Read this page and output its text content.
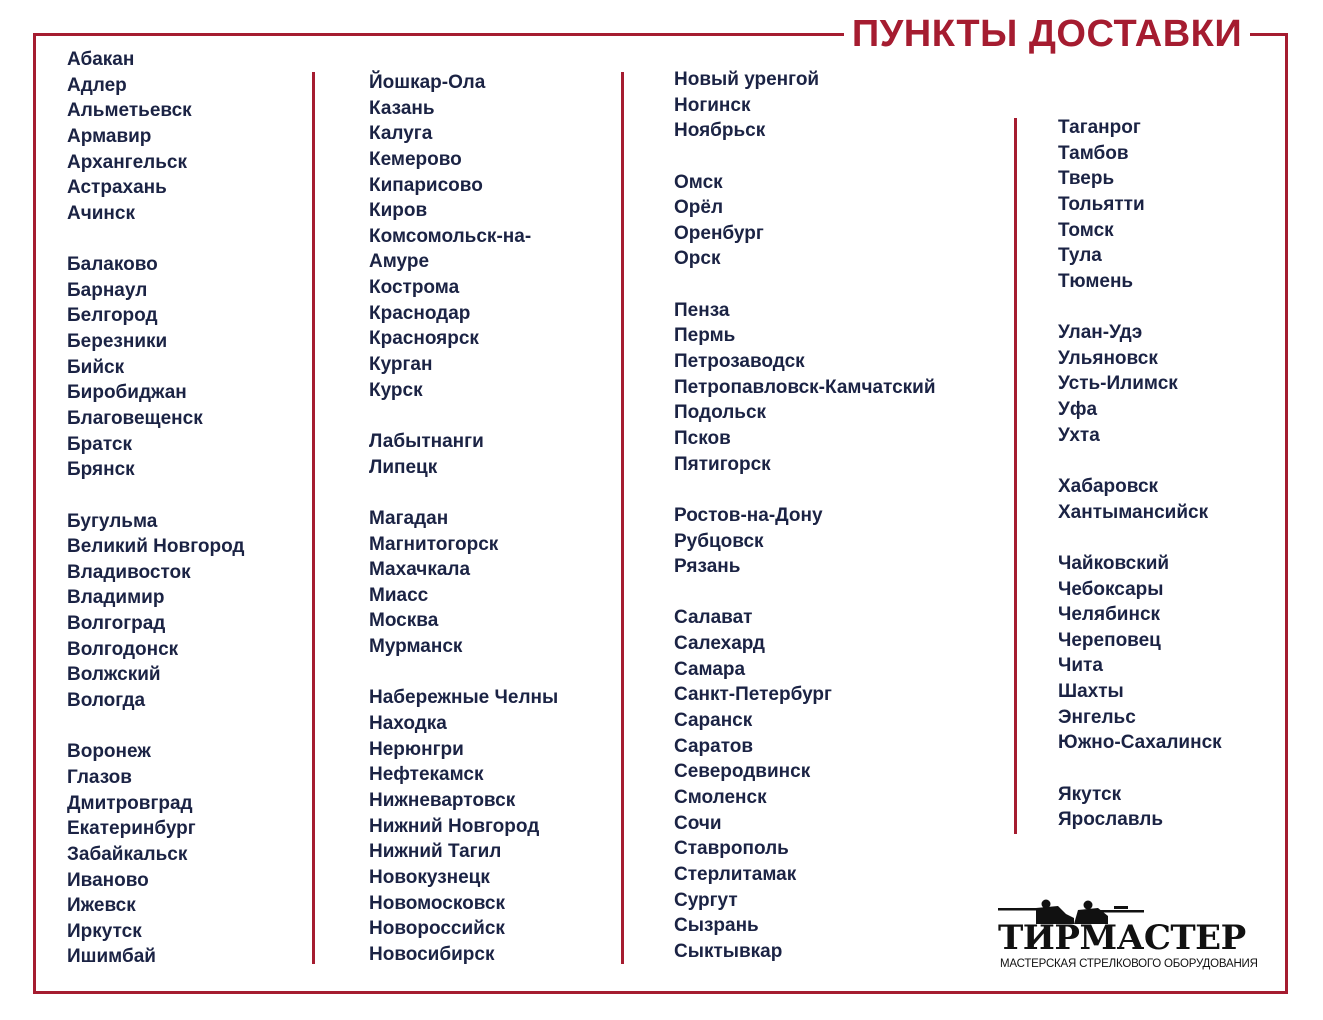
ПУНКТЫ ДОСТАВКИ
Абакан
Адлер
Альметьевск
Армавир
Архангельск
Астрахань
Ачинск
Балаково
Барнаул
Белгород
Березники
Бийск
Биробиджан
Благовещенск
Братск
Брянск
Бугульма
Великий Новгород
Владивосток
Владимир
Волгоград
Волгодонск
Волжский
Вологда
Воронеж
Глазов
Дмитровград
Екатеринбург
Забайкальск
Иваново
Ижевск
Иркутск
Ишимбай
Йошкар-Ола
Казань
Калуга
Кемерово
Кипарисово
Киров
Комсомольск-на-
Амуре
Кострома
Краснодар
Красноярск
Курган
Курск
Лабытнанги
Липецк
Магадан
Магнитогорск
Махачкала
Миасс
Москва
Мурманск
Набережные Челны
Находка
Нерюнгри
Нефтекамск
Нижневартовск
Нижний Новгород
Нижний Тагил
Новокузнецк
Новомосковск
Новороссийск
Новосибирск
Новый уренгой
Ногинск
Ноябрьск
Омск
Орёл
Оренбург
Орск
Пенза
Пермь
Петрозаводск
Петропавловск-Камчатский
Подольск
Псков
Пятигорск
Ростов-на-Дону
Рубцовск
Рязань
Салават
Салехард
Самара
Санкт-Петербург
Саранск
Саратов
Северодвинск
Смоленск
Сочи
Ставрополь
Стерлитамак
Сургут
Сызрань
Сыктывкар
Таганрог
Тамбов
Тверь
Тольятти
Томск
Тула
Тюмень
Улан-Удэ
Ульяновск
Усть-Илимск
Уфа
Ухта
Хабаровск
Хантымансийск
Чайковский
Чебоксары
Челябинск
Череповец
Чита
Шахты
Энгельс
Южно-Сахалинск
Якутск
Ярославль
ТИРМАСТЕР
МАСТЕРСКАЯ СТРЕЛКОВОГО ОБОРУДОВАНИЯ
